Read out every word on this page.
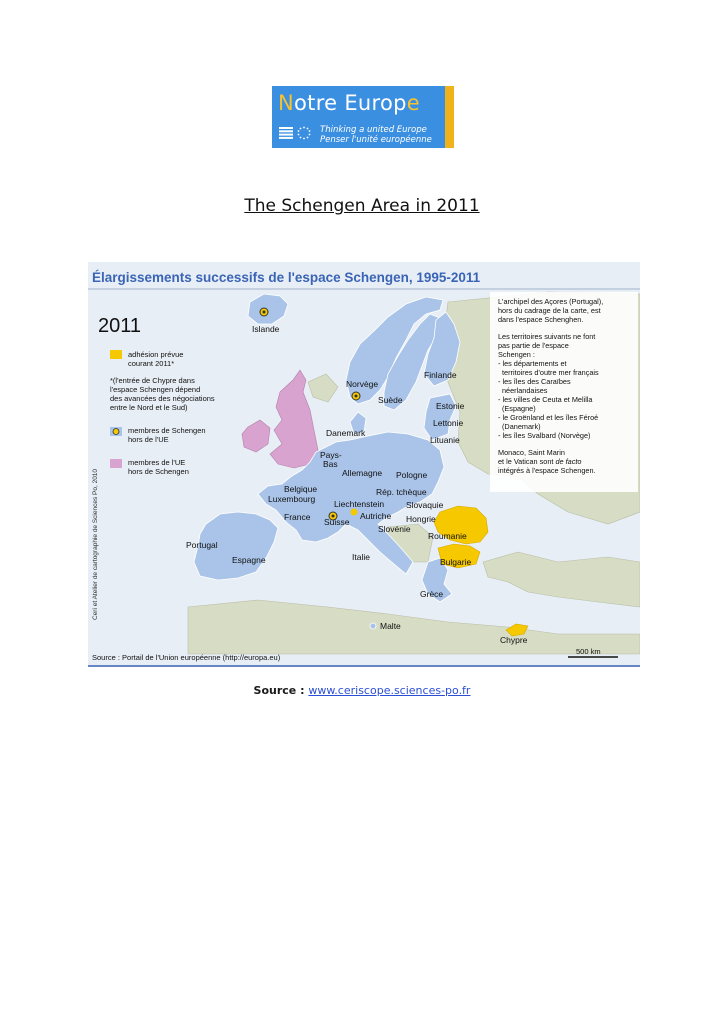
Notre Europe
Thinking a united Europe
Penser l'unité européenne
The Schengen Area in 2011
Élargissements successifs de l'espace Schengen, 1995-2011
Islande
Norvège
Suède
Finlande
Estonie
Lettonie
Lituanie
Danemark
Pays-
Bas
Allemagne Pologne
Belgique
Luxembourg
Rép. tchèque
Liechtenstein	Slovaquie
Autriche Hongrie
France Suisse
Slovénie
Roumanie
Portugal
Espagne	Italie	Bulgarie
Grèce
Malte
Chypre
2011
adhésion prévue
courant 2011*
*(l'entrée de Chypre dans
l'espace Schengen dépend
des avancées des négociations
entre le Nord et le Sud)
membres de Schengen
hors de l'UE
membres de l'UE
hors de Schengen
Ceri et Atelier de cartographie de Sciences Po, 2010
L'archipel des Açores (Portugal),
hors du cadrage de la carte, est
dans l'espace Schenghen.
Les territoires suivants ne font
pas partie de l'espace
Schengen :
- les départements et
territoires d'outre mer français
- les îles des Caraïbes
néerlandaises
- les villes de Ceuta et Melilla
(Espagne)
- le Groënland et les îles Féroé
(Danemark)
- les îles Svalbard (Norvège)
Monaco, Saint Marin
et le Vatican sont de facto
intégrés à l'espace Schengen.
Source : Portail de l'Union européenne (http://europa.eu)
500 km
Source : www.ceriscope.sciences-po.fr
